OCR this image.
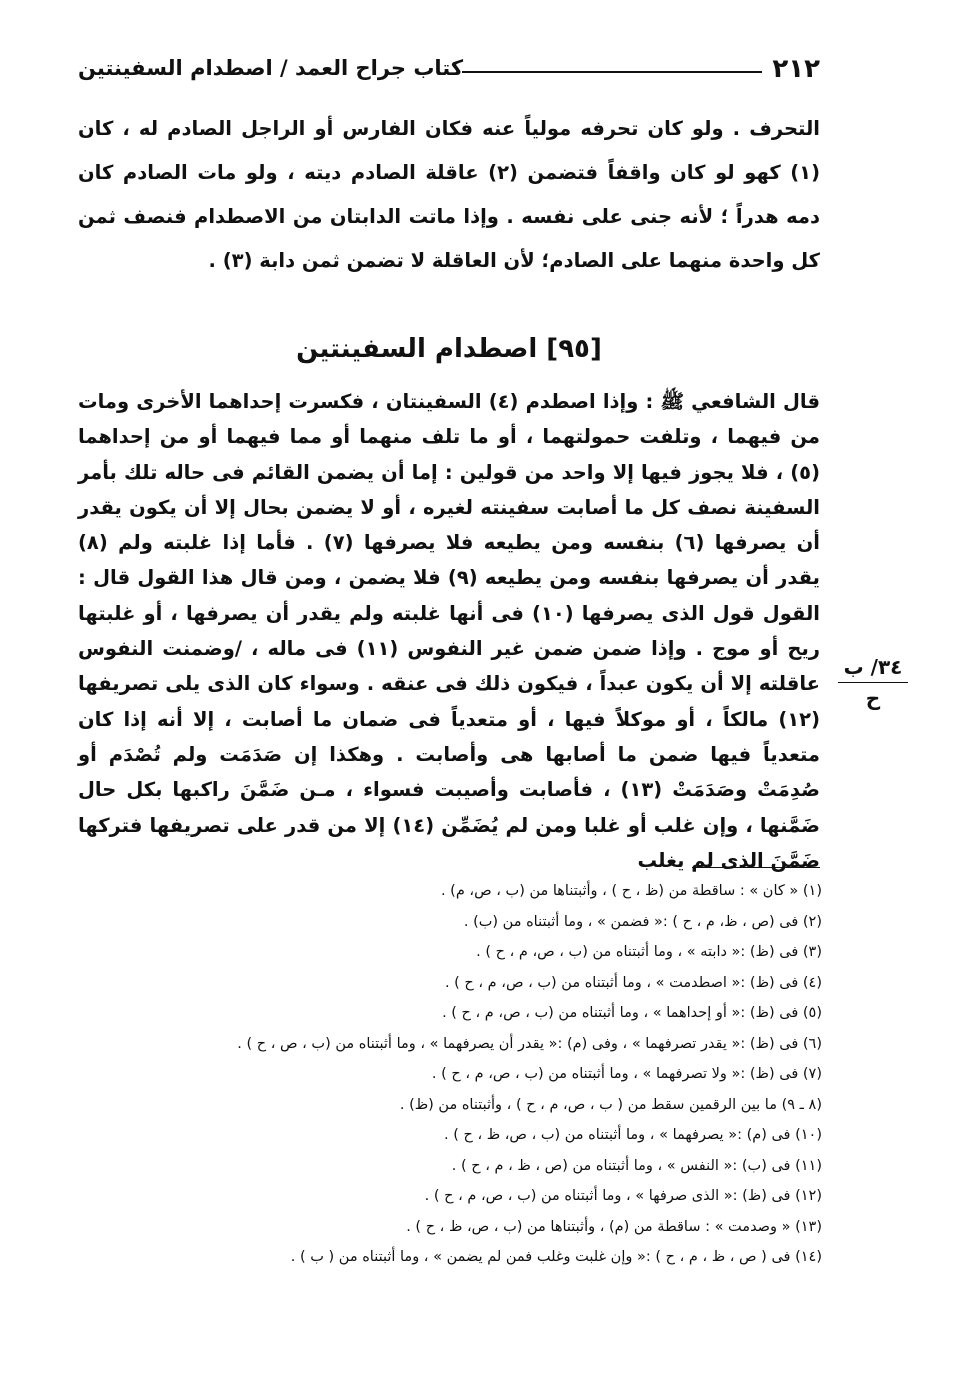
٢١٢
كتاب جراح العمد / اصطدام السفينتين

التحرف . ولو كان تحرفه مولياً عنه فكان الفارس أو الراجل الصادم له ، كان (١) كهو لو كان واقفاً فتضمن (٢) عاقلة الصادم ديته ، ولو مات الصادم كان دمه هدراً ؛ لأنه جنى على نفسه . وإذا ماتت الدابتان من الاصطدام فنصف ثمن كل واحدة منهما على الصادم؛ لأن العاقلة لا تضمن ثمن دابة (٣) .

[٩٥] اصطدام السفينتين

قال الشافعي ﷺ : وإذا اصطدم (٤) السفينتان ، فكسرت إحداهما الأخرى ومات من فيهما ، وتلفت حمولتهما ، أو ما تلف منهما أو مما فيهما أو من إحداهما (٥) ، فلا يجوز فيها إلا واحد من قولين : إما أن يضمن القائم فى حاله تلك بأمر السفينة نصف كل ما أصابت سفينته لغيره ، أو لا يضمن بحال إلا أن يكون يقدر أن يصرفها (٦) بنفسه ومن يطيعه فلا يصرفها (٧) . فأما إذا غلبته ولم (٨) يقدر أن يصرفها بنفسه ومن يطيعه (٩) فلا يضمن ، ومن قال هذا القول قال : القول قول الذى يصرفها (١٠) فى أنها غلبته ولم يقدر أن يصرفها ، أو غلبتها ريح أو موج . وإذا ضمن ضمن غير النفوس (١١) فى ماله ، /وضمنت النفوس عاقلته إلا أن يكون عبداً ، فيكون ذلك فى عنقه . وسواء كان الذى يلى تصريفها (١٢) مالكاً ، أو موكلاً فيها ، أو متعدياً فى ضمان ما أصابت ، إلا أنه إذا كان متعدياً فيها ضمن ما أصابها هى وأصابت . وهكذا إن صَدَمَت ولم تُصْدَم أو صُدِمَتْ وصَدَمَتْ (١٣) ، فأصابت وأصيبت فسواء ، مـن ضَمَّنَ راكبها بكل حال ضَمَّنها ، وإن غلب أو غلبا ومن لم يُضَمِّن (١٤) إلا من قدر على تصريفها فتركها ضَمَّنَ الذى لم يغلب

٣٤/ ب
ح
(١) « كان » : ساقطة من (ظ ، ح ) ، وأثبتناها من (ب ، ص، م) .
(٢) فى (ص ، ظ، م ، ح ) :« فضمن » ، وما أثبتناه من (ب) .
(٣) فى (ظ) :« دابته » ، وما أثبتناه من (ب ، ص، م ، ح ) .
(٤) فى (ظ) :« اصطدمت » ، وما أثبتناه من (ب ، ص، م ، ح ) .
(٥) فى (ظ) :« أو إحداهما » ، وما أثبتناه من (ب ، ص، م ، ح ) .
(٦) فى (ظ) :« يقدر تصرفهما » ، وفى (م) :« يقدر أن يصرفهما » ، وما أثبتناه من (ب ، ص ، ح ) .
(٧) فى (ظ) :« ولا تصرفهما » ، وما أثبتناه من (ب ، ص، م ، ح ) .
(٨ ـ ٩) ما بين الرقمين سقط من ( ب ، ص، م ، ح ) ، وأثبتناه من (ظ) .
(١٠) فى (م) :« يصرفهما » ، وما أثبتناه من (ب ، ص، ظ ، ح ) .
(١١) فى (ب) :« النفس » ، وما أثبتناه من (ص ، ظ ، م ، ح ) .
(١٢) فى (ظ) :« الذى صرفها » ، وما أثبتناه من (ب ، ص، م ، ح ) .
(١٣) « وصدمت » : ساقطة من (م) ، وأثبتناها من (ب ، ص، ظ ، ح ) .
(١٤) فى ( ص ، ظ ، م ، ح ) :« وإن غلبت وغلب فمن لم يضمن » ، وما أثبتناه من ( ب ) .
